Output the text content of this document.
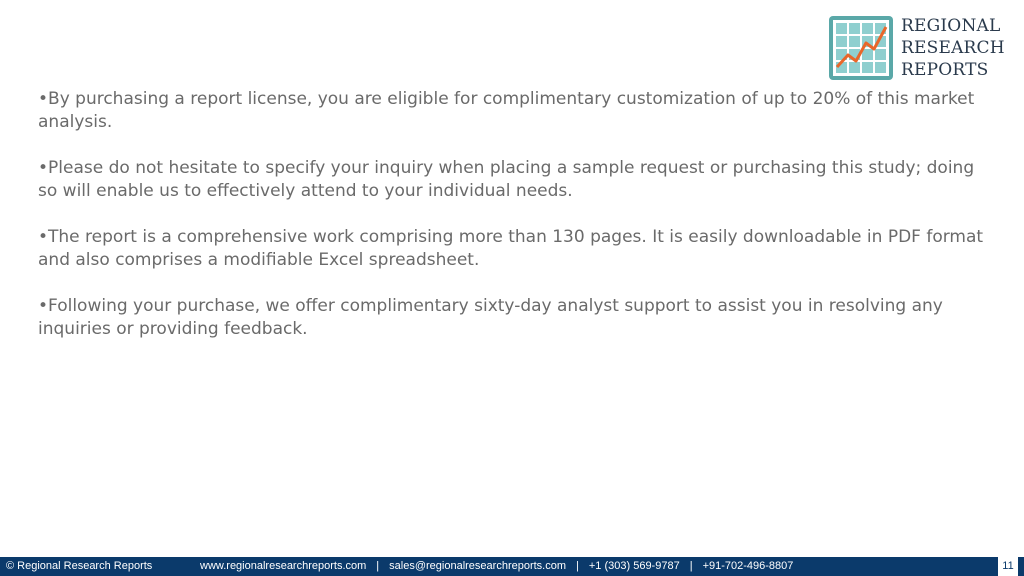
REGIONAL
RESEARCH
REPORTS

•By purchasing a report license, you are eligible for complimentary customization of up to 20% of this market analysis.

•Please do not hesitate to specify your inquiry when placing a sample request or purchasing this study; doing so will enable us to effectively attend to your individual needs.

•The report is a comprehensive work comprising more than 130 pages. It is easily downloadable in PDF format and also comprises a modifiable Excel spreadsheet.

•Following your purchase, we offer complimentary sixty-day analyst support to assist you in resolving any inquiries or providing feedback.

© Regional Research Reports	www.regionalresearchreports.com | sales@regionalresearchreports.com | +1 (303) 569-9787 | +91-702-496-8807	11
